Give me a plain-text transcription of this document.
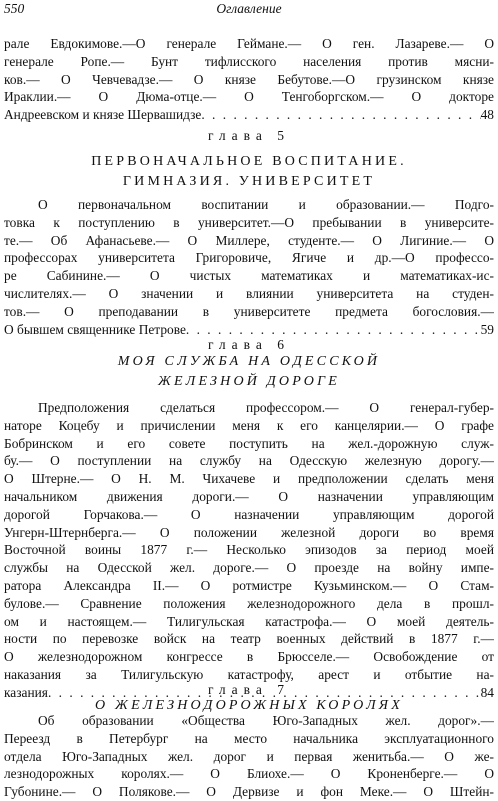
550	Оглавление
рале Евдокимове.—О генерале Геймане.— О ген. Лазареве.— О
генерале Ропе.— Бунт тифлисского населения против мясни-
ков.— О Чевчевадзе.— О князе Бебутове.—О грузинском князе
Ираклии.— О Дюма-отце.— О Тенгоборгском.— О докторе
Андреевском и князе Шервашидзе . . .	48
глава 5
ПЕРВОНАЧАЛЬНОЕ ВОСПИТАНИЕ.
ГИМНАЗИЯ. УНИВЕРСИТЕТ
О первоначальном воспитании и образовании.— Подго-
товка к поступлению в университет.—О пребывании в университе-
те.— Об Афанасьеве.— О Миллере, студенте.— О Лигиние.— О
профессорах университета Григоровиче, Ягиче и др.—О профессо-
ре Сабинине.— О чистых математиках и математиках-ис-
числителях.— О значении и влиянии университета на студен-
тов.— О преподавании в университете предмета богословия.—
О бывшем священнике Петрове . . .	59
глава 6
МОЯ СЛУЖБА НА ОДЕССКОЙ
ЖЕЛЕЗНОЙ ДОРОГЕ
Предположения сделаться профессором.— О генерал-губер-
наторе Коцебу и причислении меня к его канцелярии.— О графе
Бобринском и его совете поступить на жел.-дорожную служ-
бу.— О поступлении на службу на Одесскую железную дорогу.—
О Штерне.— О Н. М. Чихачеве и предположении сделать меня
начальником движения дороги.— О назначении управляющим
дорогой Горчакова.— О назначении управляющим дорогой
Унгерн-Штернберга.— О положении железной дороги во время
Восточной воины 1877 г.— Несколько эпизодов за период моей
службы на Одесской жел. дороге.— О проезде на войну импе-
ратора Александра II.— О ротмистре Кузьминском.— О Стам-
булове.— Сравнение положения железнодорожного дела в прошл-
ом и настоящем.— Тилигульская катастрофа.— О моей деятель-
ности по перевозке войск на театр военных действий в 1877 г.—
О железнодорожном конгрессе в Брюсселе.— Освобождение от
наказания за Тилигульскую катастрофу, арест и отбытие на-
казания . . .	84
глава 7
О ЖЕЛЕЗНОДОРОЖНЫХ КОРОЛЯХ
Об образовании «Общества Юго-Западных жел. дорог».—
Переезд в Петербург на место начальника эксплуатационного
отдела Юго-Западных жел. дорог и первая женитьба.— О же-
лезнодорожных королях.— О Блиохе.— О Кроненберге.— О
Губонине.— О Полякове.— О Дервизе и фон Меке.— О Штейн-
